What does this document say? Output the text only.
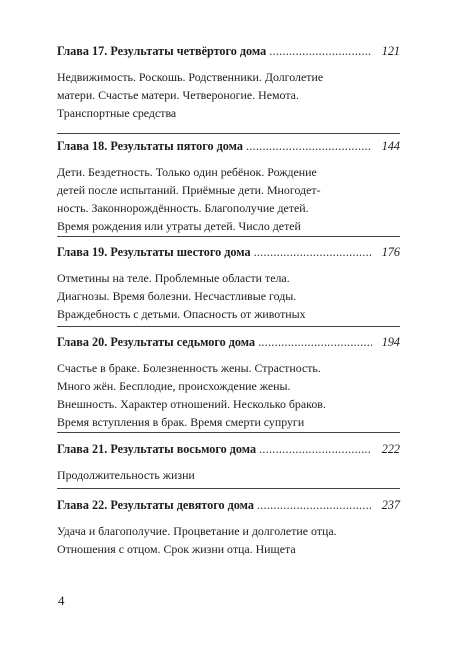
Глава 17. Результаты четвёртого дома . . .	121
Недвижимость. Роскошь. Родственники. Долголетие
матери. Счастье матери. Четвероногие. Немота.
Транспортные средства
Глава 18. Результаты пятого дома . . .	144
Дети. Бездетность. Только один ребёнок. Рождение
детей после испытаний. Приёмные дети. Многодет-
ность. Законнорождённость. Благополучие детей.
Время рождения или утраты детей. Число детей
Глава 19. Результаты шестого дома . . .	176
Отметины на теле. Проблемные области тела.
Диагнозы. Время болезни. Несчастливые годы.
Враждебность с детьми. Опасность от животных
Глава 20. Результаты седьмого дома . . .	194
Счастье в браке. Болезненность жены. Страстность.
Много жён. Бесплодие, происхождение жены.
Внешность. Характер отношений. Несколько браков.
Время вступления в брак. Время смерти супруги
Глава 21. Результаты восьмого дома . . .	222
Продолжительность жизни
Глава 22. Результаты девятого дома . . .	237
Удача и благополучие. Процветание и долголетие отца.
Отношения с отцом. Срок жизни отца. Нищета
4
